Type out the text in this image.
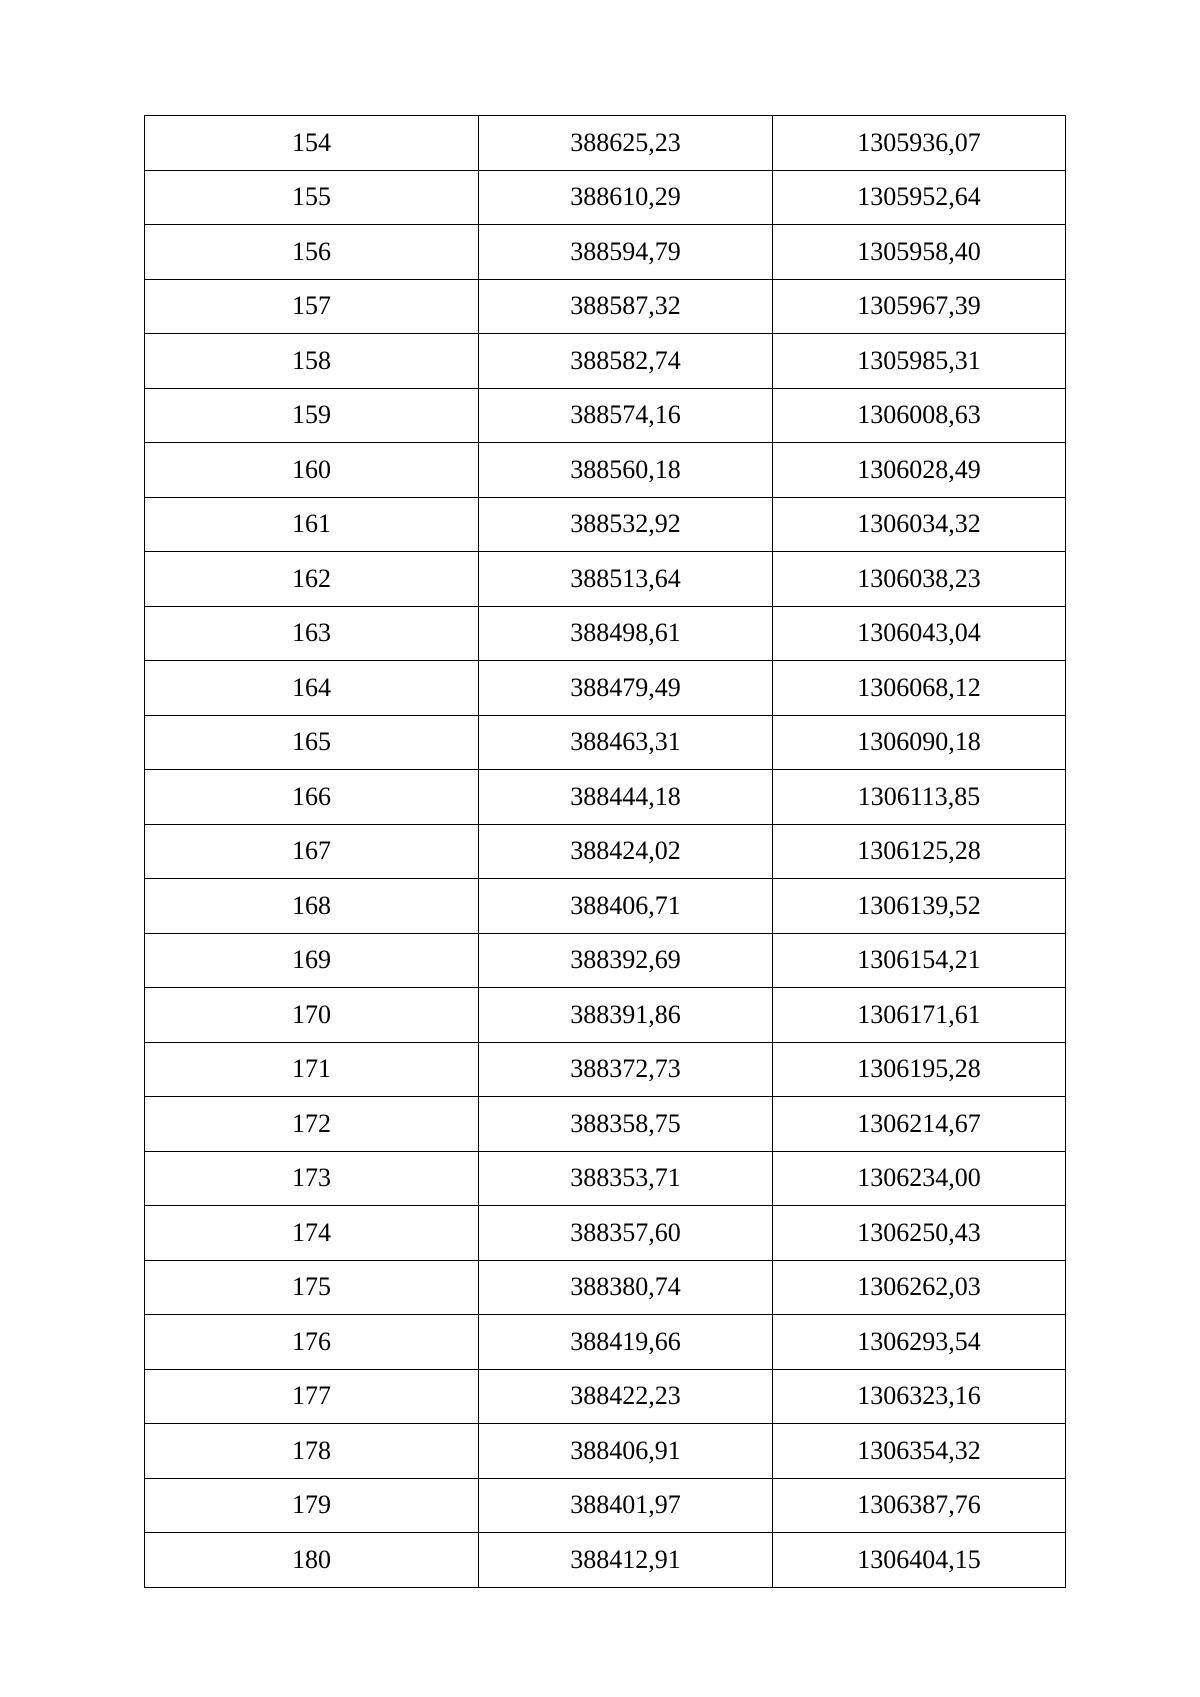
154	388625,23	1305936,07
155	388610,29	1305952,64
156	388594,79	1305958,40
157	388587,32	1305967,39
158	388582,74	1305985,31
159	388574,16	1306008,63
160	388560,18	1306028,49
161	388532,92	1306034,32
162	388513,64	1306038,23
163	388498,61	1306043,04
164	388479,49	1306068,12
165	388463,31	1306090,18
166	388444,18	1306113,85
167	388424,02	1306125,28
168	388406,71	1306139,52
169	388392,69	1306154,21
170	388391,86	1306171,61
171	388372,73	1306195,28
172	388358,75	1306214,67
173	388353,71	1306234,00
174	388357,60	1306250,43
175	388380,74	1306262,03
176	388419,66	1306293,54
177	388422,23	1306323,16
178	388406,91	1306354,32
179	388401,97	1306387,76
180	388412,91	1306404,15
